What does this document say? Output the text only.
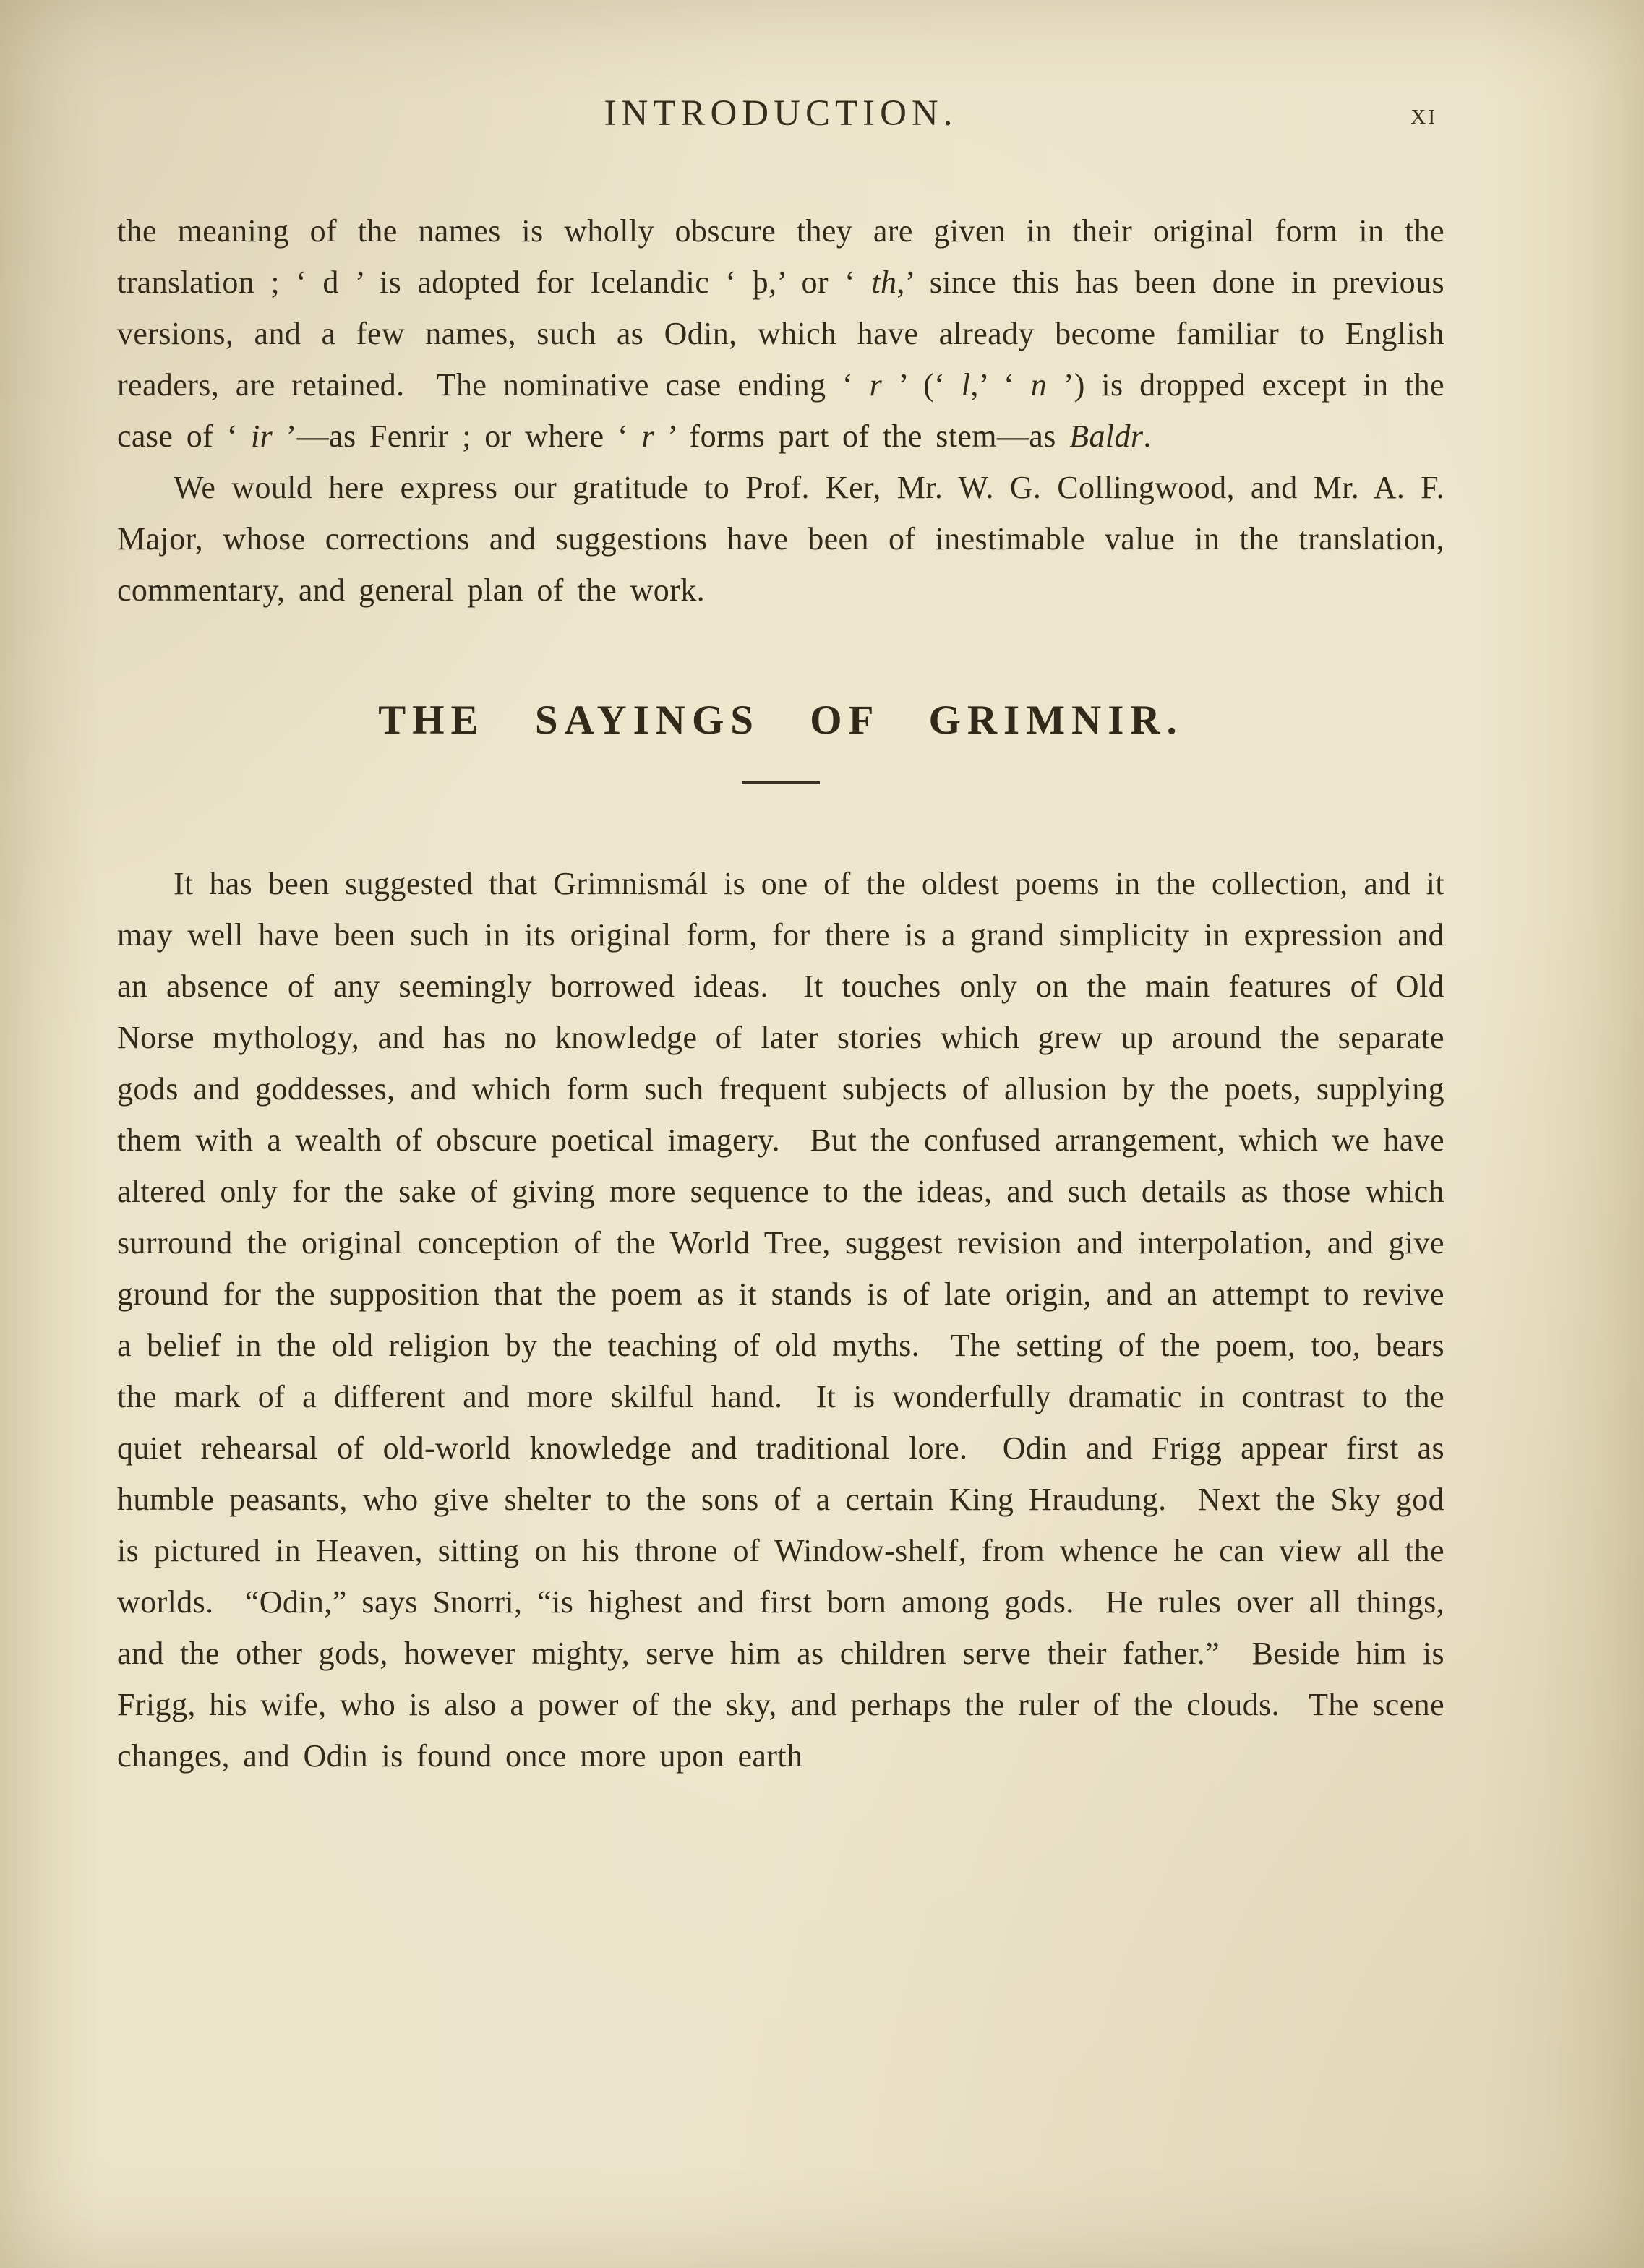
INTRODUCTION.	xi

the meaning of the names is wholly obscure they are given in their original form in the translation ; ‘ d ’ is adopted for Icelandic ‘ þ,’ or ‘ th,’ since this has been done in previous versions, and a few names, such as Odin, which have already become familiar to English readers, are retained.  The nominative case ending ‘ r ’ (‘ l,’ ‘ n ’) is dropped except in the case of ‘ ir ’—as Fenrir ; or where ‘ r ’ forms part of the stem—as Baldr.

We would here express our gratitude to Prof. Ker, Mr. W. G. Collingwood, and Mr. A. F. Major, whose corrections and suggestions have been of inestimable value in the translation, commentary, and general plan of the work.

THE SAYINGS OF GRIMNIR.

It has been suggested that Grimnismál is one of the oldest poems in the collection, and it may well have been such in its original form, for there is a grand simplicity in expression and an absence of any seemingly borrowed ideas.  It touches only on the main features of Old Norse mythology, and has no knowledge of later stories which grew up around the separate gods and goddesses, and which form such frequent subjects of allusion by the poets, supplying them with a wealth of obscure poetical imagery.  But the confused arrangement, which we have altered only for the sake of giving more sequence to the ideas, and such details as those which surround the original conception of the World Tree, suggest revision and interpolation, and give ground for the supposition that the poem as it stands is of late origin, and an attempt to revive a belief in the old religion by the teaching of old myths.  The setting of the poem, too, bears the mark of a different and more skilful hand.  It is wonderfully dramatic in contrast to the quiet rehearsal of old-world knowledge and traditional lore.  Odin and Frigg appear first as humble peasants, who give shelter to the sons of a certain King Hraudung.  Next the Sky god is pictured in Heaven, sitting on his throne of Window-shelf, from whence he can view all the worlds.  “Odin,” says Snorri, “is highest and first born among gods.  He rules over all things, and the other gods, however mighty, serve him as children serve their father.”  Beside him is Frigg, his wife, who is also a power of the sky, and perhaps the ruler of the clouds.  The scene changes, and Odin is found once more upon earth
